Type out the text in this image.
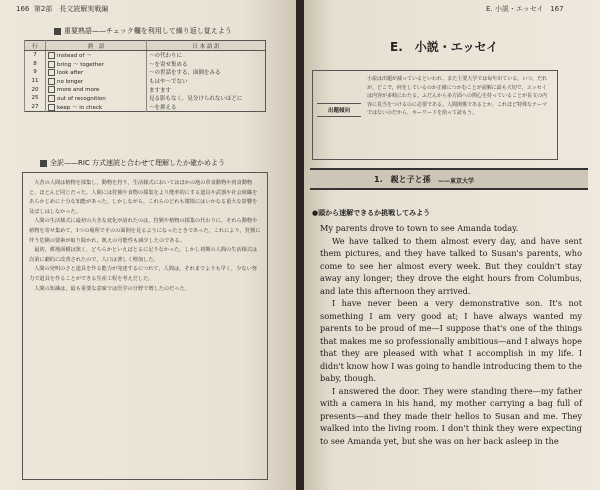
166 第2部　長文読解実戦編
重要熟語——チェック欄を利用して繰り返し覚えよう
行	熟　語	日 本 語 訳
7	instead of ～	～の代わりに
8	bring ～ together	～を寄せ集める
9	look after	～の世話をする，面倒をみる
11	no longer	もはや～でない
20	more and more	ますます
25	out of recognition	見る影もなく，見分けられないほどに
27	keep ～ in check	～を抑える
全訳——RIC 方式速読と合わせて理解したか確かめよう

大昔の人間は植物を採集し，動物を狩り，生活様式においてはほかの地の草食動物や肉食動物と，ほとんど同じだった。人間には狩猟や食物の採集をより能率的にする道具や武器や社会組織をあらかじめに十分な知能があった。しかしながら，これらのどれも環境にはいかなる重大な影響を及ぼしはしなかった。

人間の生活様式に最初の大きな変化が訪れたのは，狩猟や植物の採集の代わりに，それら動物や植物を寄せ集めて，1つの場所でそのの面倒を見るようになったときであった。これにより，狩猟に伴う危険の要素が取り除かれ，飢えの可能性も減少したのである。

最初，耕地面積は狭く，どちらかといえばとるに足りなかった。しかし初期の人間の生活様式は次第に劇的に改善されたので，人口は著しく増加した。

人間の発明のさと道具を作る能力が発達するにつれて，人間は，それまでよりも早く，少ない努力で道具を作ることができる生産工程を考えだした。

人間の知識は，最も重要な意味では医学の分野で増したのだった。

E. 小説・エッセイ 167
E.　小説・エッセイ
出題傾向
小説は出題が減っているといわれ，また主要大学では毎年出ている。いつ，だれが，どこで，何をしているのか正確につかむことが読解に最も大切で，エッセイは内容が多岐にわたる。ふだんから多方面への関心を持っていることが長文の内容に見当をつけるのに必要である。人間関係であるとか，これほど特殊なテーマではないのだから，キーワードを拾って読もう。
1.　親と子と孫 ——東京大学
●頭から速解できるか挑戦してみよう

My parents drove to town to see Amanda today.

We have talked to them almost every day, and have sent them pictures, and they have talked to Susan's parents, who come to see her almost every week. But they couldn't stay away any longer; they drove the eight hours from Columbus, and late this afternoon they arrived.

I have never been a very demonstrative son. It's not something I am very good at; I have always wanted my parents to be proud of me—I suppose that's one of the things that makes me so professionally ambitious—and I always hope that they are pleased with what I accomplish in my life. I didn't know how I was going to handle introducing them to the baby, though.

I answered the door. They were standing there—my father with a camera in his hand, my mother carrying a bag full of presents—and they made their hellos to Susan and me. They walked into the living room. I don't think they were expecting to see Amanda yet, but she was on her back asleep in the
